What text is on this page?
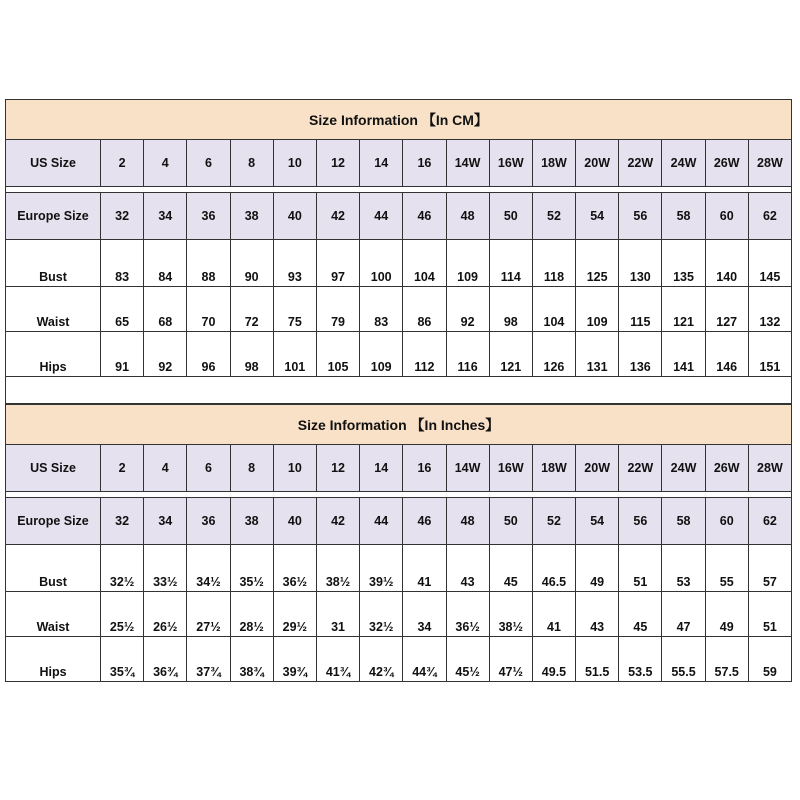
Size Information 【In CM】
US Size	2	4	6	8	10	12	14	16	14W	16W	18W	20W	22W	24W	26W	28W
Europe Size	32	34	36	38	40	42	44	46	48	50	52	54	56	58	60	62
Bust	83	84	88	90	93	97	100	104	109	114	118	125	130	135	140	145
Waist	65	68	70	72	75	79	83	86	92	98	104	109	115	121	127	132
Hips	91	92	96	98	101	105	109	112	116	121	126	131	136	141	146	151
Size Information 【In Inches】
US Size	2	4	6	8	10	12	14	16	14W	16W	18W	20W	22W	24W	26W	28W
Europe Size	32	34	36	38	40	42	44	46	48	50	52	54	56	58	60	62
Bust	32½	33½	34½	35½	36½	38½	39½	41	43	45	46.5	49	51	53	55	57
Waist	25½	26½	27½	28½	29½	31	32½	34	36½	38½	41	43	45	47	49	51
Hips	35¾	36¾	37¾	38¾	39¾	41¾	42¾	44¾	45½	47½	49.5	51.5	53.5	55.5	57.5	59
